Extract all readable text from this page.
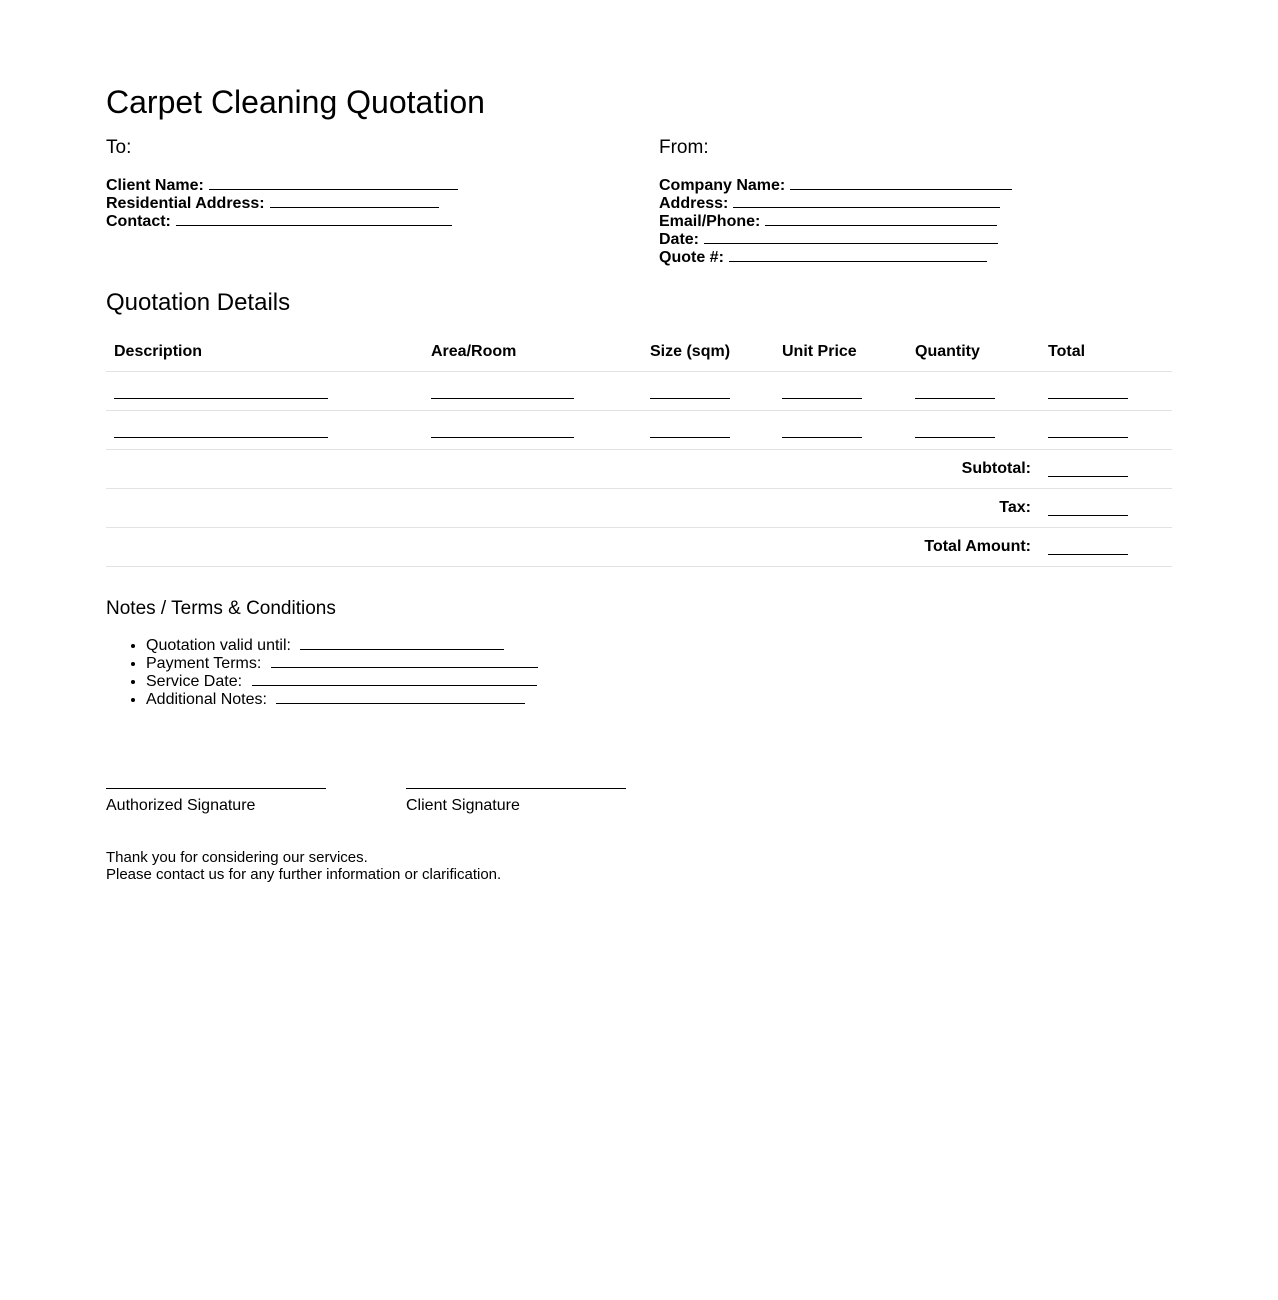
Carpet Cleaning Quotation
To:
Client Name:
Residential Address:
Contact:
From:
Company Name:
Address:
Email/Phone:
Date:
Quote #:
Quotation Details
Description	Area/Room	Size (sqm)	Unit Price	Quantity	Total
Subtotal:
Tax:
Total Amount:
Notes / Terms & Conditions
• Quotation valid until:
• Payment Terms:
• Service Date:
• Additional Notes:
Authorized Signature	Client Signature

Thank you for considering our services.

Please contact us for any further information or clarification.
